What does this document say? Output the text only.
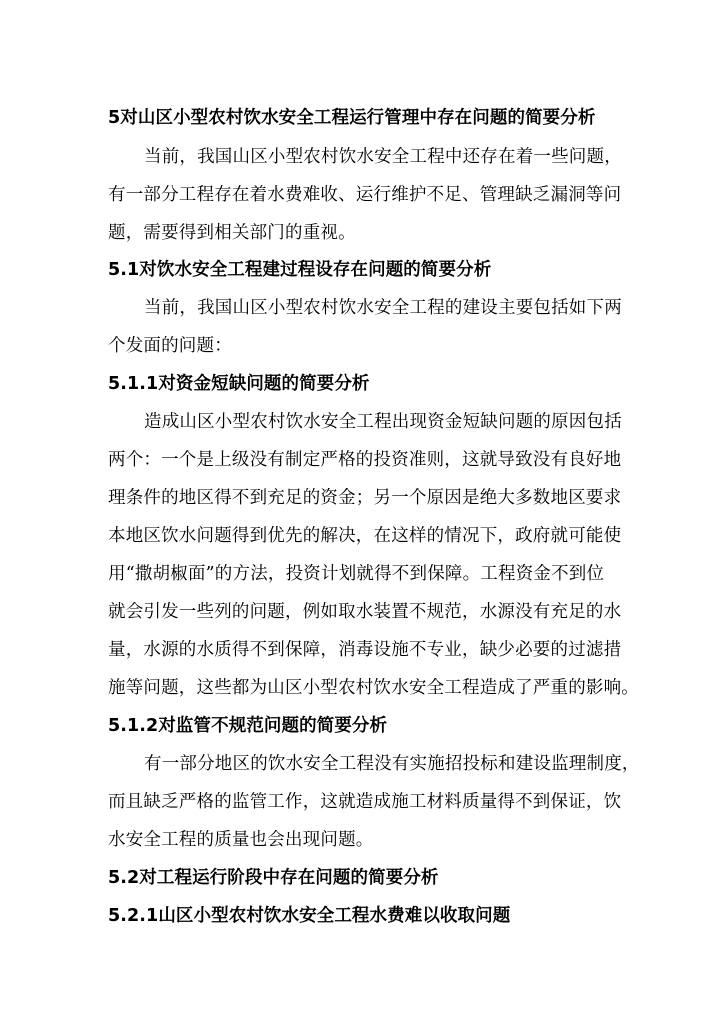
5对山区小型农村饮水安全工程运行管理中存在问题的简要分析
当前，我国山区小型农村饮水安全工程中还存在着一些问题，
有一部分工程存在着水费难收、运行维护不足、管理缺乏漏洞等问
题，需要得到相关部门的重视。
5.1对饮水安全工程建过程设存在问题的简要分析
当前，我国山区小型农村饮水安全工程的建设主要包括如下两
个发面的问题：
5.1.1对资金短缺问题的简要分析
造成山区小型农村饮水安全工程出现资金短缺问题的原因包括
两个：一个是上级没有制定严格的投资准则，这就导致没有良好地
理条件的地区得不到充足的资金；另一个原因是绝大多数地区要求
本地区饮水问题得到优先的解决，在这样的情况下，政府就可能使
用“撒胡椒面”的方法，投资计划就得不到保障。工程资金不到位
就会引发一些列的问题，例如取水装置不规范，水源没有充足的水
量，水源的水质得不到保障，消毒设施不专业，缺少必要的过滤措
施等问题，这些都为山区小型农村饮水安全工程造成了严重的影响。
5.1.2对监管不规范问题的简要分析
有一部分地区的饮水安全工程没有实施招投标和建设监理制度，
而且缺乏严格的监管工作，这就造成施工材料质量得不到保证，饮
水安全工程的质量也会出现问题。
5.2对工程运行阶段中存在问题的简要分析
5.2.1山区小型农村饮水安全工程水费难以收取问题
